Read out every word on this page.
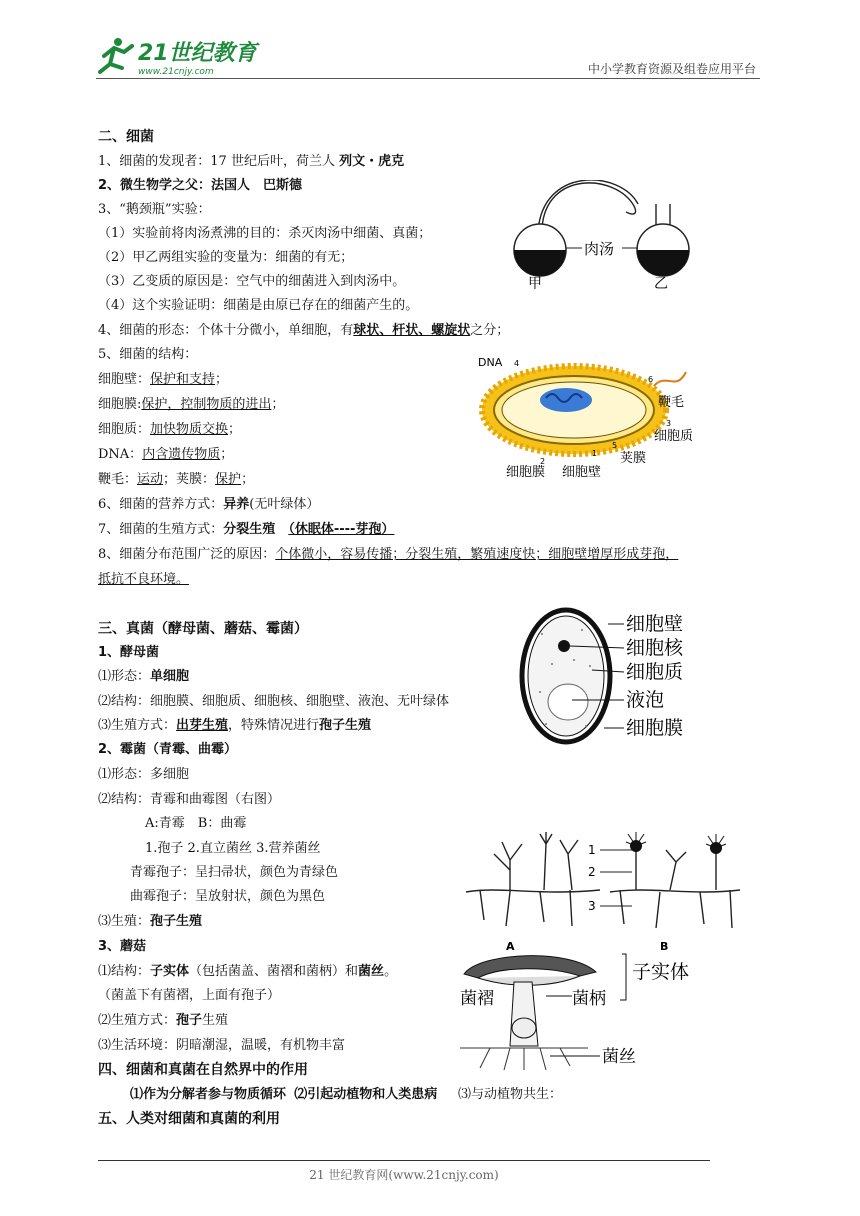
21世纪教育
www.21cnjy.com	中小学教育资源及组卷应用平台
二、细菌
1、细菌的发现者：17 世纪后叶，荷兰人 列文・虎克
2、微生物学之父：法国人　巴斯德
3、“鹅颈瓶”实验：
（1）实验前将肉汤煮沸的目的：杀灭肉汤中细菌、真菌；
（2）甲乙两组实验的变量为：细菌的有无；
（3）乙变质的原因是：空气中的细菌进入到肉汤中。
（4）这个实验证明：细菌是由原已存在的细菌产生的。
4、细菌的形态：个体十分微小，单细胞，有球状、杆状、螺旋状之分；
5、细菌的结构：
细胞壁：保护和支持；
细胞膜:保护，控制物质的进出；
细胞质：加快物质交换；
DNA：内含遗传物质；
鞭毛：运动；荚膜：保护；
6、细菌的营养方式：异养(无叶绿体）
7、细菌的生殖方式：分裂生殖　 （休眠体----芽孢）
8、细菌分布范围广泛的原因：个体微小，容易传播；分裂生殖，繁殖速度快；细胞壁增厚形成芽孢，
抵抗不良环境。
肉汤
甲	乙
DNA
鞭毛
细胞质
荚膜
细胞膜 细胞壁
4
6
3
5
1
2
三、真菌（酵母菌、蘑菇、霉菌）
1、酵母菌
⑴形态：单细胞
⑵结构：细胞膜、细胞质、细胞核、细胞壁、液泡、无叶绿体
⑶生殖方式：出芽生殖，特殊情况进行孢子生殖
2、霉菌（青霉、曲霉）
⑴形态：多细胞
⑵结构：青霉和曲霉图（右图）
A:青霉　B：曲霉
1.孢子 2.直立菌丝 3.营养菌丝
青霉孢子：呈扫帚状，颜色为青绿色
曲霉孢子：呈放射状，颜色为黑色
⑶生殖：孢子生殖
3、蘑菇
⑴结构：子实体（包括菌盖、菌褶和菌柄）和菌丝。
（菌盖下有菌褶，上面有孢子）
⑵生殖方式：孢子生殖
⑶生活环境：阴暗潮湿，温暖，有机物丰富
细胞壁
细胞核
细胞质
液泡
细胞膜
1
2
3
A	B
菌褶	菌柄
子实体
菌丝
四、细菌和真菌在自然界中的作用
⑴作为分解者参与物质循环 ⑵引起动植物和人类患病 ⑶与动植物共生：
五、人类对细菌和真菌的利用
21 世纪教育网(www.21cnjy.com)
